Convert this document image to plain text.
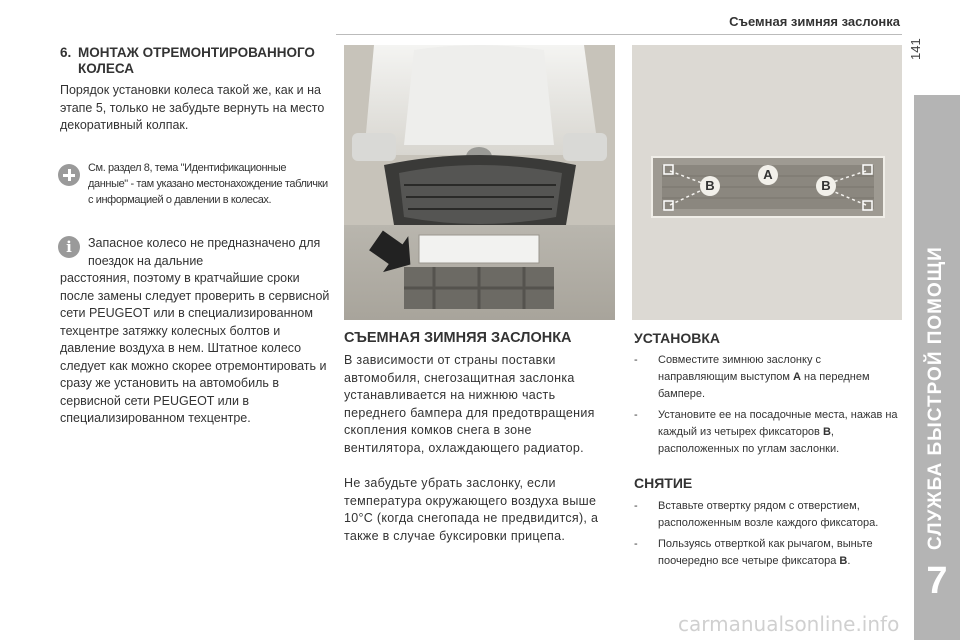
Съемная зимняя заслонка
141
СЛУЖБА БЫСТРОЙ ПОМОЩИ
7
6. МОНТАЖ ОТРЕМОНТИРОВАННОГО КОЛЕСА
Порядок установки колеса такой же, как и на этапе 5, только не забудьте вернуть на место декоративный колпак.
См. раздел 8, тема "Идентификационные данные" - там указано местонахождение таблички с информацией о давлении в колесах.
i	Запасное колесо не предназначено для поездок на дальние
расстояния, поэтому в кратчайшие сроки после замены следует проверить в сервисной сети PEUGEOT или в специализированном техцентре затяжку колесных болтов и давление воздуха в нем. Штатное колесо следует как можно скорее отремонтировать и сразу же установить на автомобиль в сервисной сети PEUGEOT или в специализированном техцентре.
B
A
B
СЪЕМНАЯ ЗИМНЯЯ ЗАСЛОНКА
В зависимости от страны поставки автомобиля, снегозащитная заслонка устанавливается на нижнюю часть переднего бампера для предотвращения скопления комков снега в зоне вентилятора, охлаждающего радиатор.
Не забудьте убрать заслонку, если температура окружающего воздуха выше 10°C (когда снегопада не предвидится), а также в случае буксировки прицепа.
УСТАНОВКА
- Совместите зимнюю заслонку с направляющим выступом A на переднем бампере.
- Установите ее на посадочные места, нажав на каждый из четырех фиксаторов B, расположенных по углам заслонки.
СНЯТИЕ
- Вставьте отвертку рядом с отверстием, расположенным возле каждого фиксатора.
- Пользуясь отверткой как рычагом, выньте поочередно все четыре фиксатора B.
carmanualsonline.info
